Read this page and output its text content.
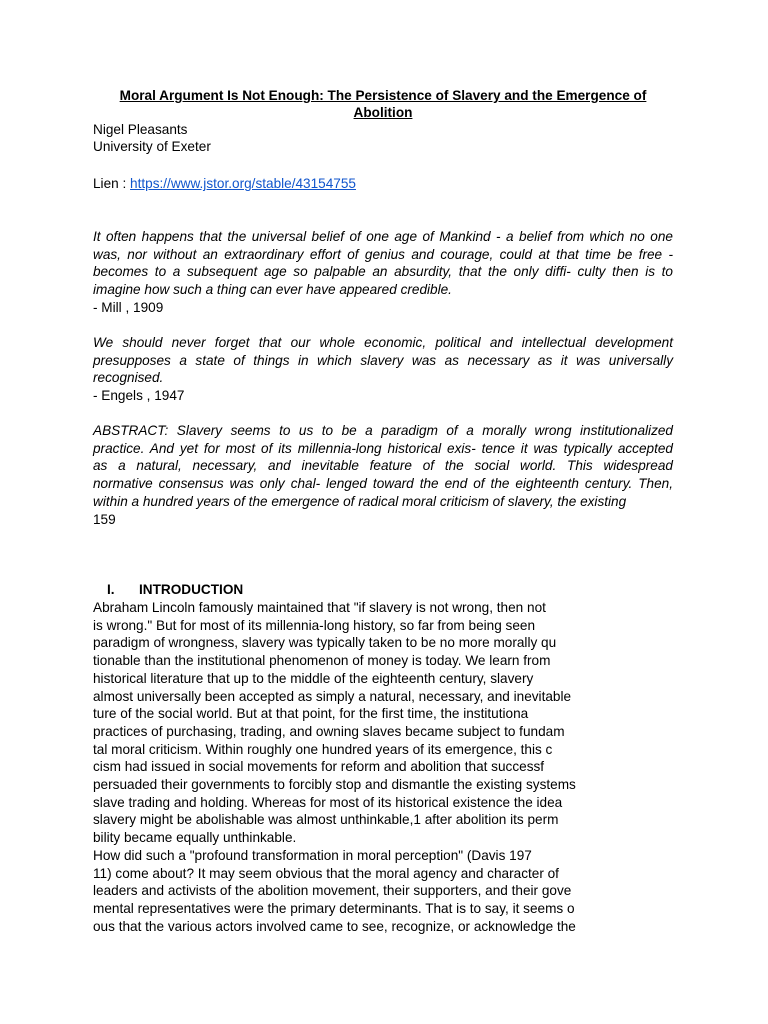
Moral Argument Is Not Enough: The Persistence of Slavery and the Emergence of Abolition
Nigel Pleasants
University of Exeter
Lien : https://www.jstor.org/stable/43154755
It often happens that the universal belief of one age of Mankind - a belief from which no one
was, nor without an extraordinary effort of genius and courage, could at that time be free -
becomes to a subsequent age so palpable an absurdity, that the only diffi- culty then is to
imagine how such a thing can ever have appeared credible.
- Mill , 1909
We should never forget that our whole economic, political and intellectual development
presupposes a state of things in which slavery was as necessary as it was universally
recognised.
- Engels , 1947
ABSTRACT: Slavery seems to us to be a paradigm of a morally wrong institutionalized
practice. And yet for most of its millennia-long historical exis- tence it was typically accepted
as a natural, necessary, and inevitable feature of the social world. This widespread
normative consensus was only chal- lenged toward the end of the eighteenth century. Then,
within a hundred years of the emergence of radical moral criticism of slavery, the existing
159
I. INTRODUCTION
Abraham Lincoln famously maintained that "if slavery is not wrong, then not
is wrong." But for most of its millennia-long history, so far from being seen
paradigm of wrongness, slavery was typically taken to be no more morally qu
tionable than the institutional phenomenon of money is today. We learn from
historical literature that up to the middle of the eighteenth century, slavery
almost universally been accepted as simply a natural, necessary, and inevitable
ture of the social world. But at that point, for the first time, the institutiona
practices of purchasing, trading, and owning slaves became subject to fundam
tal moral criticism. Within roughly one hundred years of its emergence, this c
cism had issued in social movements for reform and abolition that successf
persuaded their governments to forcibly stop and dismantle the existing systems
slave trading and holding. Whereas for most of its historical existence the idea
slavery might be abolishable was almost unthinkable,1 after abolition its perm
bility became equally unthinkable.
How did such a "profound transformation in moral perception" (Davis 197
11) come about? It may seem obvious that the moral agency and character of
leaders and activists of the abolition movement, their supporters, and their gove
mental representatives were the primary determinants. That is to say, it seems o
ous that the various actors involved came to see, recognize, or acknowledge the
